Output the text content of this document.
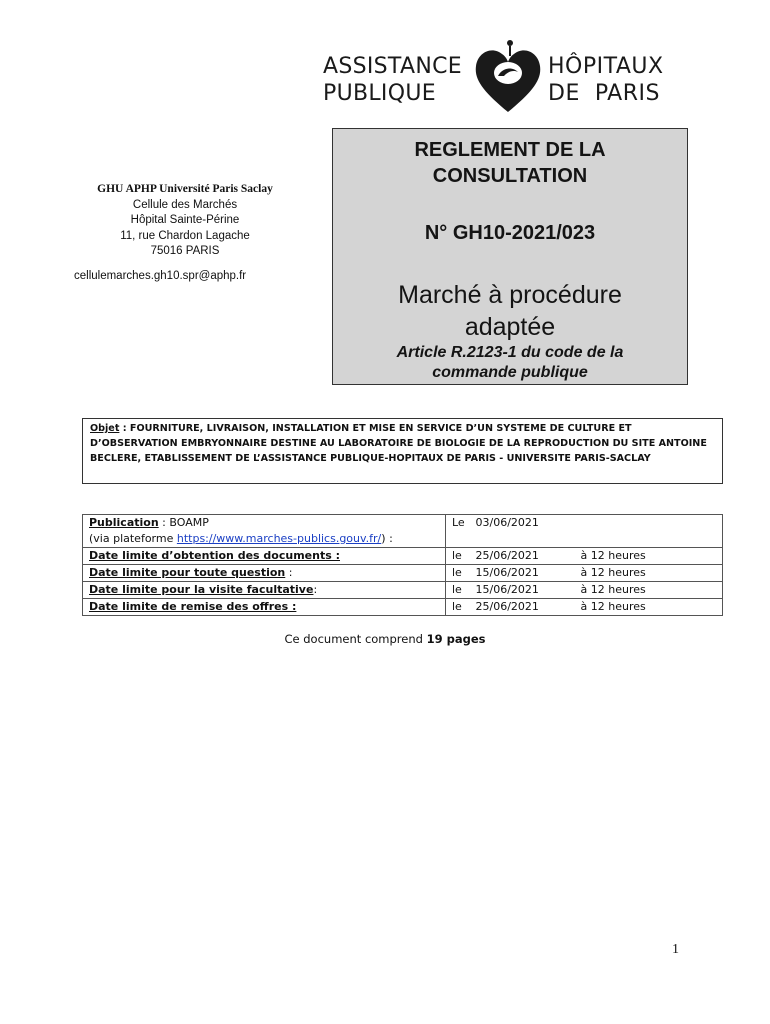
ASSISTANCE
PUBLIQUE
HÔPITAUX
DE  PARIS
REGLEMENT DE LA
CONSULTATION
N° GH10-2021/023
Marché à procédure
adaptée
Article R.2123-1 du code de la
commande publique
GHU APHP Université Paris Saclay
Cellule des Marchés
Hôpital Sainte-Périne
11, rue Chardon Lagache
75016 PARIS
cellulemarches.gh10.spr@aphp.fr
Objet : FOURNITURE, LIVRAISON, INSTALLATION ET MISE EN SERVICE D’UN SYSTEME DE CULTURE ET D’OBSERVATION EMBRYONNAIRE DESTINE AU LABORATOIRE DE BIOLOGIE DE LA REPRODUCTION DU SITE ANTOINE BECLERE, ETABLISSEMENT DE L’ASSISTANCE PUBLIQUE-HOPITAUX DE PARIS - UNIVERSITE PARIS-SACLAY
Publication : BOAMP
(via plateforme https://www.marches-publics.gouv.fr/) :	Le 03/06/2021
Date limite d’obtention des documents :	le 25/06/2021 à 12 heures
Date limite pour toute question :	le 15/06/2021 à 12 heures
Date limite pour la visite facultative:	le 15/06/2021 à 12 heures
Date limite de remise des offres :	le 25/06/2021 à 12 heures
Ce document comprend 19 pages
1
